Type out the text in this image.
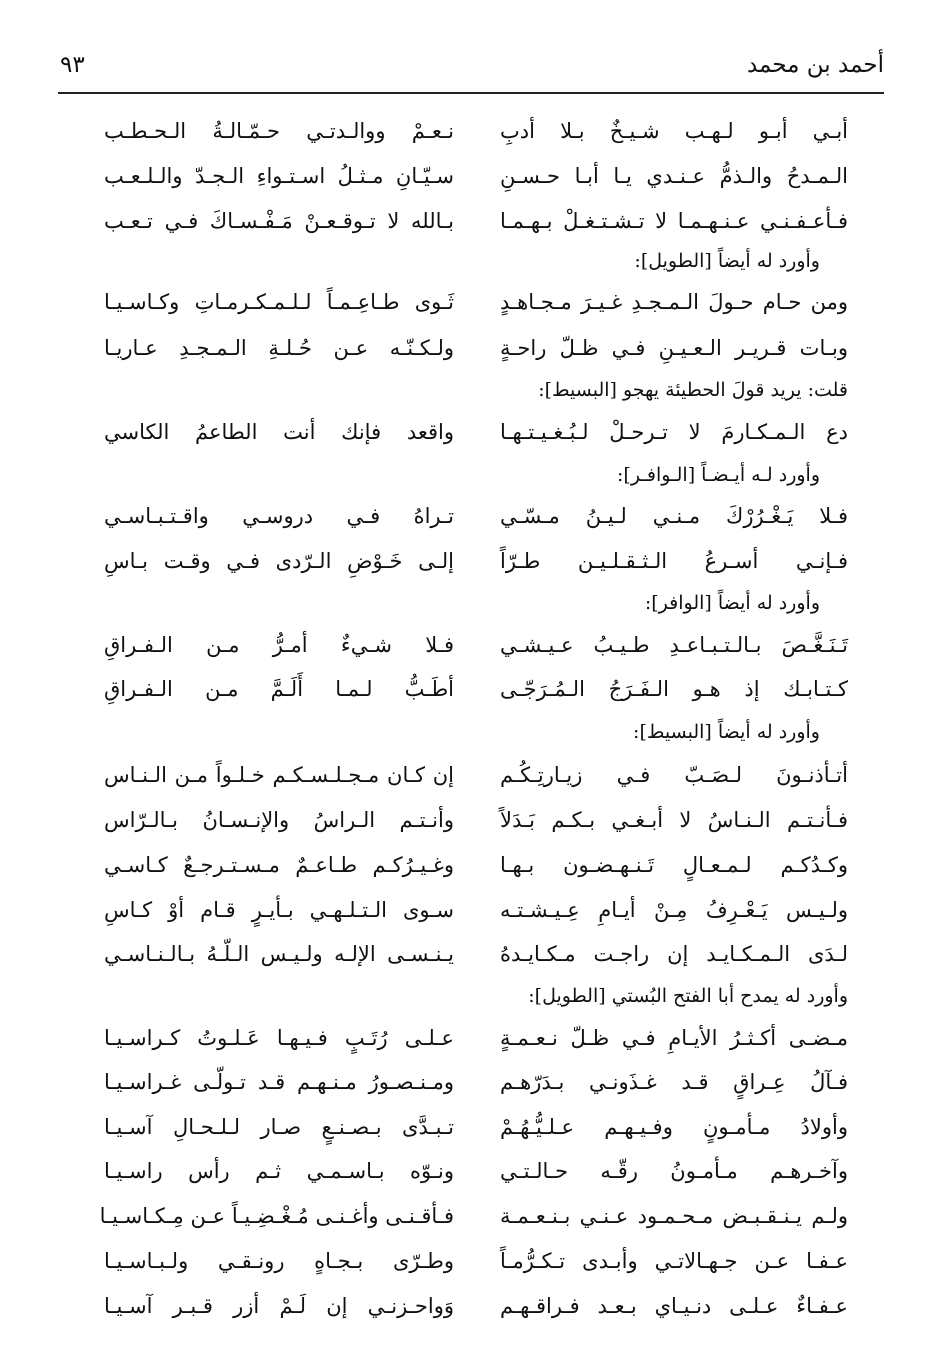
أحمد بن محمد
٩٣
أبـي أبـو لـهـب شـيـخٌ بـلا أدبِ
نـعـمْ ووالـدتـي حـمّـالـةُ الـحـطـب
الـمـدحُ والـذمُّ عـنـدي يـا أبـا حـسـنِ
سـيّـانِ مـثـلُ اسـتـواءِ الـجـدّ والـلـعـب
فـأعـفـنـي عـنـهـمـا لا تـشـتـغـلْ بـهـمـا
بـالله لا تـوقـعـنْ مَـفْـسـاكَ فـي تـعـب
وأورد له أيضاً [الطويل]:
ومن حـام حـولَ الـمـجـدِ غـيـرَ مـجـاهـدٍ
ثَـوى طـاعِـمـاً لـلـمـكـرمـاتِ وكـاسـيـا
وبـات قـريـر الـعـيـنِ فـي ظـلّ راحـةٍ
ولـكـنّـه عـن حُـلـةِ الـمـجـدِ عـاريـا
قلت: يريد قولَ الحطيئة يهجو [البسيط]:
دع الـمـكـارمَ لا تـرحـلْ لـبُـغـيـتـهـا
واقعد فإنك أنت الطاعمُ الكاسي
وأورد لـه أيـضـاً [الـوافـر]:
فـلا يَـغْـرُرْكَ مـنـي لـيـنُ مـسّـي
تـراهُ فـي دروسـي واقـتـبـاسـي
فـإنـي أسـرعُ الـثـقـلـيـن طـرّاً
إلـى خَـوْضِ الـرّدى فـي وقـت بـاسِ
وأورد له أيضاً [الوافر]:
تَـنَـغَّـصَ بـالـتـبـاعـدِ طـيـبُ عـيـشـي
فـلا شـيءٌ أمـرُّ مـن الـفـراقِ
كـتـابـك إذ هـو الـفَـرَجُ الـمُـرَجّـى
أطَـبُّ لـمـا أَلَـمَّ مـن الـفـراقِ
وأورد له أيضاً [البسيط]:
أتـأذنـونَ لـصَـبّ فـي زيـارتِـكُـم
إن كـان مـجـلـسـكـم خـلـواً مـن الـنـاس
فـأنـتـم الـنـاسُ لا أبـغـي بـكـم بَـدَلاً
وأنـتـم الـراسُ والإنـسـانُ بـالـرّاس
وكـدُكـم لـمـعـالٍ تَـنـهـضـون بـهـا
وغـيـرُكـم طـاعـمٌ مـسـتـرجـعٌ كـاسـي
ولـيـس يَـعْـرِفُ مِـنْ أيـامِ عِـيـشـتـه
سـوى الـتـلـهـي بـأيـرٍ قـام أوْ كـاسِ
لـدَى الـمـكـايـد إن راجـت مـكـايـدهُ
يـنـسـى الإلـه ولـيـس الـلّـهُ بـالـنـاسـي
وأورد له يمدح أبا الفتح البُستي [الطويل]:
مـضـى أكـثـرُ الأيـامِ فـي ظـلّ نـعـمـةٍ
عـلـى رُتَـبٍ فـيـهـا عَـلـوتُ كـراسـيـا
فـآلُ عِـراقٍ قـد غـذَونـي بـدَرّهـم
ومـنـصـورُ مـنـهـم قـد تـولّـى غـراسـيـا
وأولادُ مـأمـونٍ وفـيـهـم عـلـيُّـهُـمْ
تـبـدَّى بـصـنـعٍ صـار لـلـحـالِ آسـيـا
وآخـرهـم مـأمـونُ رقّـه حـالـتـي
ونـوّه بـاسـمـي ثـم رأس راسـيـا
ولـم يـنـقـبـض مـحـمـود عـنـي بـنـعـمـة
فـأقـنـى وأغـنـى مُـغْـضِـيـاً عـن مِـكـاسـيـا
عـفـا عـن جـهـالاتـي وأبـدى تـكـرُّمـاً
وطـرّى بـجـاهٍ رونـقـي ولـبـاسـيـا
عـفـاءٌ عـلـى دنـيـاي بـعـد فـراقـهـم
وَواحـزنـي إن لَـمْ أزر قـبـر آسـيـا
